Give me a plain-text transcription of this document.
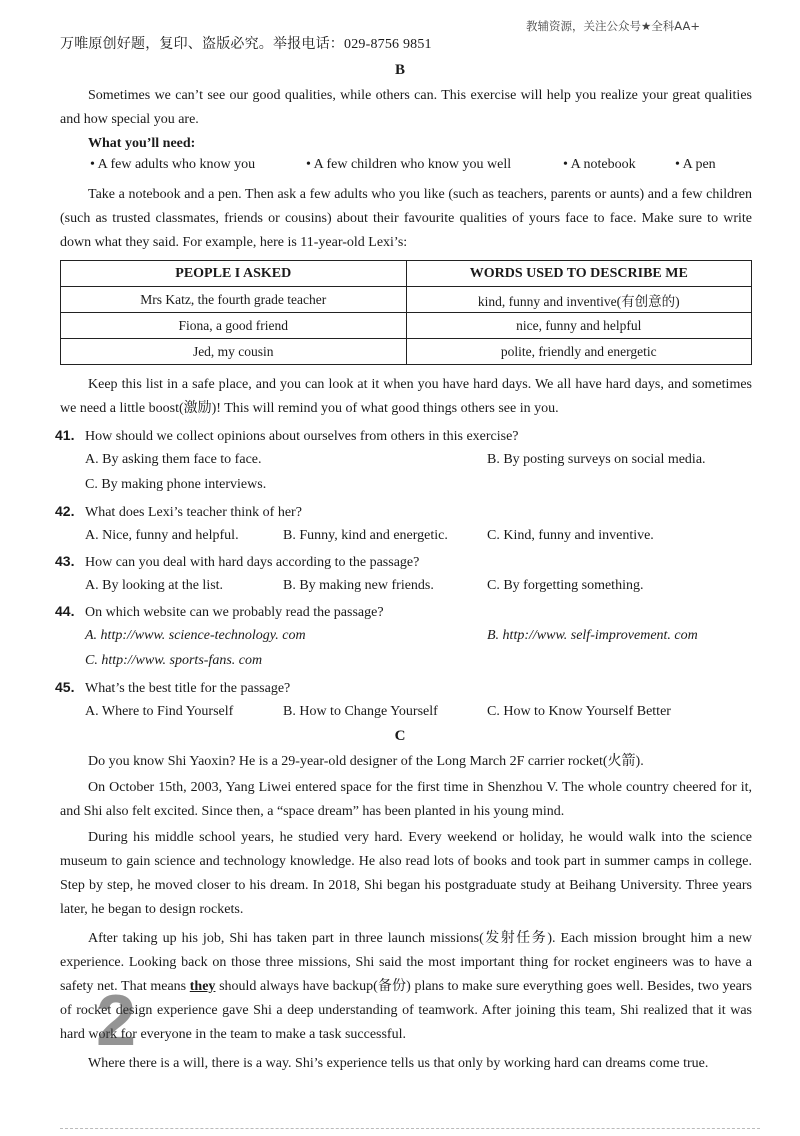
教辅资源，关注公众号★全科AA+
万唯原创好题，复印、盗版必究。举报电话：029-8756 9851
B
Sometimes we can’t see our good qualities, while others can. This exercise will help you realize your great qualities and how special you are.
What you’ll need:
• A few adults who know you	• A few children who know you well	• A notebook	• A pen
Take a notebook and a pen. Then ask a few adults who you like (such as teachers, parents or aunts) and a few children (such as trusted classmates, friends or cousins) about their favourite qualities of yours face to face. Make sure to write down what they said. For example, here is 11-year-old Lexi’s:
PEOPLE I ASKED	WORDS USED TO DESCRIBE ME
Mrs Katz, the fourth grade teacher	kind, funny and inventive(有创意的)
Fiona, a good friend	nice, funny and helpful
Jed, my cousin	polite, friendly and energetic
Keep this list in a safe place, and you can look at it when you have hard days. We all have hard days, and sometimes we need a little boost(激励)! This will remind you of what good things others see in you.
41. How should we collect opinions about ourselves from others in this exercise?
A. By asking them face to face.	B. By posting surveys on social media.
C. By making phone interviews.
42. What does Lexi’s teacher think of her?
A. Nice, funny and helpful.	B. Funny, kind and energetic.	C. Kind, funny and inventive.
43. How can you deal with hard days according to the passage?
A. By looking at the list.	B. By making new friends.	C. By forgetting something.
44. On which website can we probably read the passage?
A. http://www. science-technology. com	B. http://www. self-improvement. com
C. http://www. sports-fans. com
45. What’s the best title for the passage?
A. Where to Find Yourself	B. How to Change Yourself	C. How to Know Yourself Better
C
Do you know Shi Yaoxin? He is a 29-year-old designer of the Long March 2F carrier rocket(火箭).
On October 15th, 2003, Yang Liwei entered space for the first time in Shenzhou V. The whole country cheered for it, and Shi also felt excited. Since then, a “space dream” has been planted in his young mind.
During his middle school years, he studied very hard. Every weekend or holiday, he would walk into the science museum to gain science and technology knowledge. He also read lots of books and took part in summer camps in college. Step by step, he moved closer to his dream. In 2018, Shi began his postgraduate study at Beihang University. Three years later, he began to design rockets.
After taking up his job, Shi has taken part in three launch missions(发射任务). Each mission brought him a new experience. Looking back on those three missions, Shi said the most important thing for rocket engineers was to have a safety net. That means they should always have backup(备份) plans to make sure everything goes well. Besides, two years of rocket design experience gave Shi a deep understanding of teamwork. After joining this team, Shi realized that it was hard work for everyone in the team to make a task successful.
Where there is a will, there is a way. Shi’s experience tells us that only by working hard can dreams come true.
2
